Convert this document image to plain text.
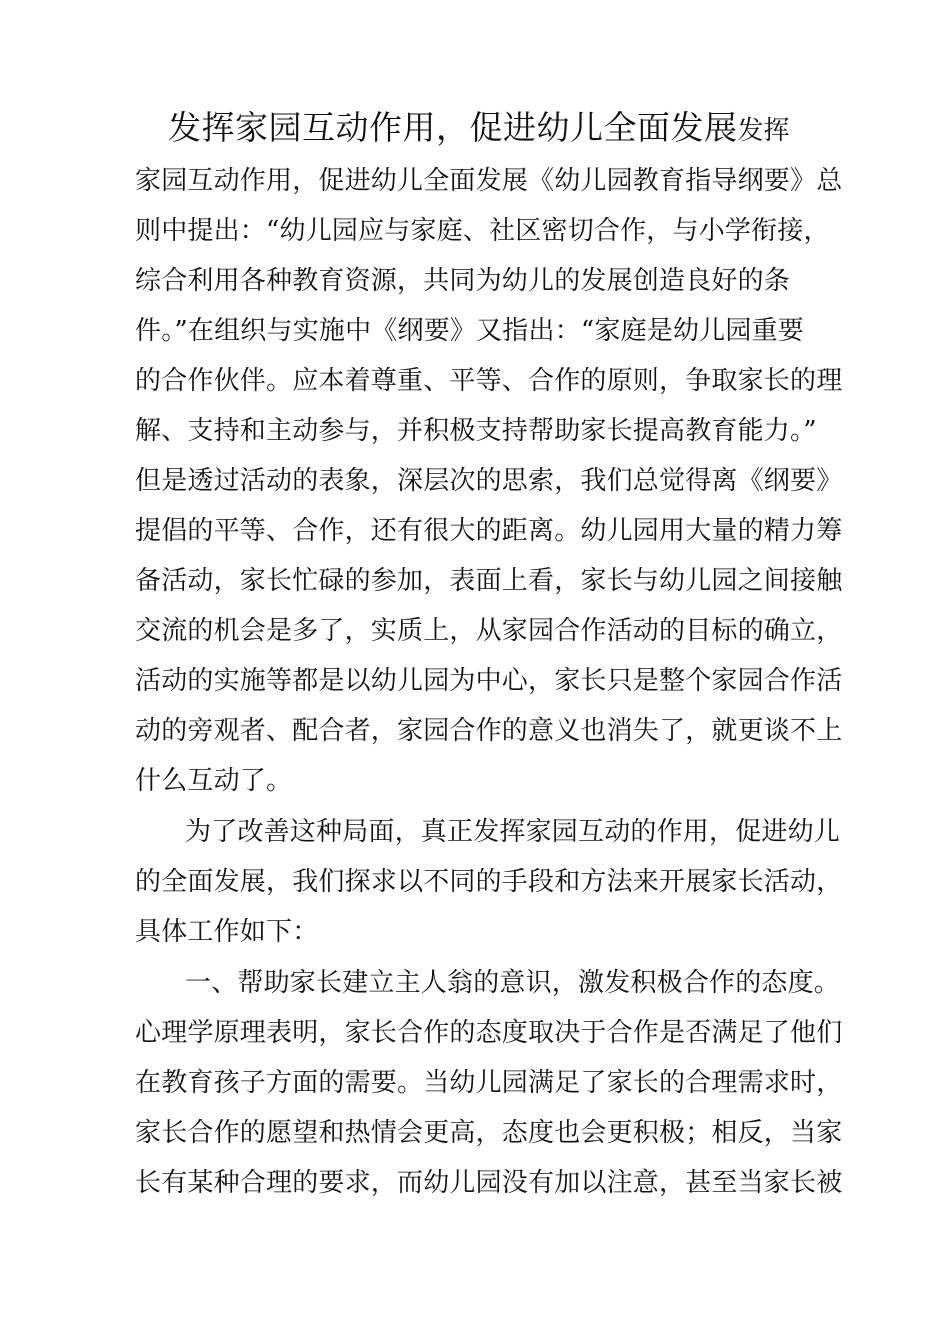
发挥家园互动作用，促进幼儿全面发展发挥
家园互动作用，促进幼儿全面发展《幼儿园教育指导纲要》总
则中提出：“幼儿园应与家庭、社区密切合作，与小学衔接，
综合利用各种教育资源，共同为幼儿的发展创造良好的条
件。”在组织与实施中《纲要》又指出：“家庭是幼儿园重要
的合作伙伴。应本着尊重、平等、合作的原则，争取家长的理
解、支持和主动参与，并积极支持帮助家长提高教育能力。”
但是透过活动的表象，深层次的思索，我们总觉得离《纲要》
提倡的平等、合作，还有很大的距离。幼儿园用大量的精力筹
备活动，家长忙碌的参加，表面上看，家长与幼儿园之间接触
交流的机会是多了，实质上，从家园合作活动的目标的确立，
活动的实施等都是以幼儿园为中心，家长只是整个家园合作活
动的旁观者、配合者，家园合作的意义也消失了，就更谈不上
什么互动了。
为了改善这种局面，真正发挥家园互动的作用，促进幼儿
的全面发展，我们探求以不同的手段和方法来开展家长活动，
具体工作如下：
一、帮助家长建立主人翁的意识，激发积极合作的态度。
心理学原理表明，家长合作的态度取决于合作是否满足了他们
在教育孩子方面的需要。当幼儿园满足了家长的合理需求时，
家长合作的愿望和热情会更高，态度也会更积极；相反，当家
长有某种合理的要求，而幼儿园没有加以注意，甚至当家长被
